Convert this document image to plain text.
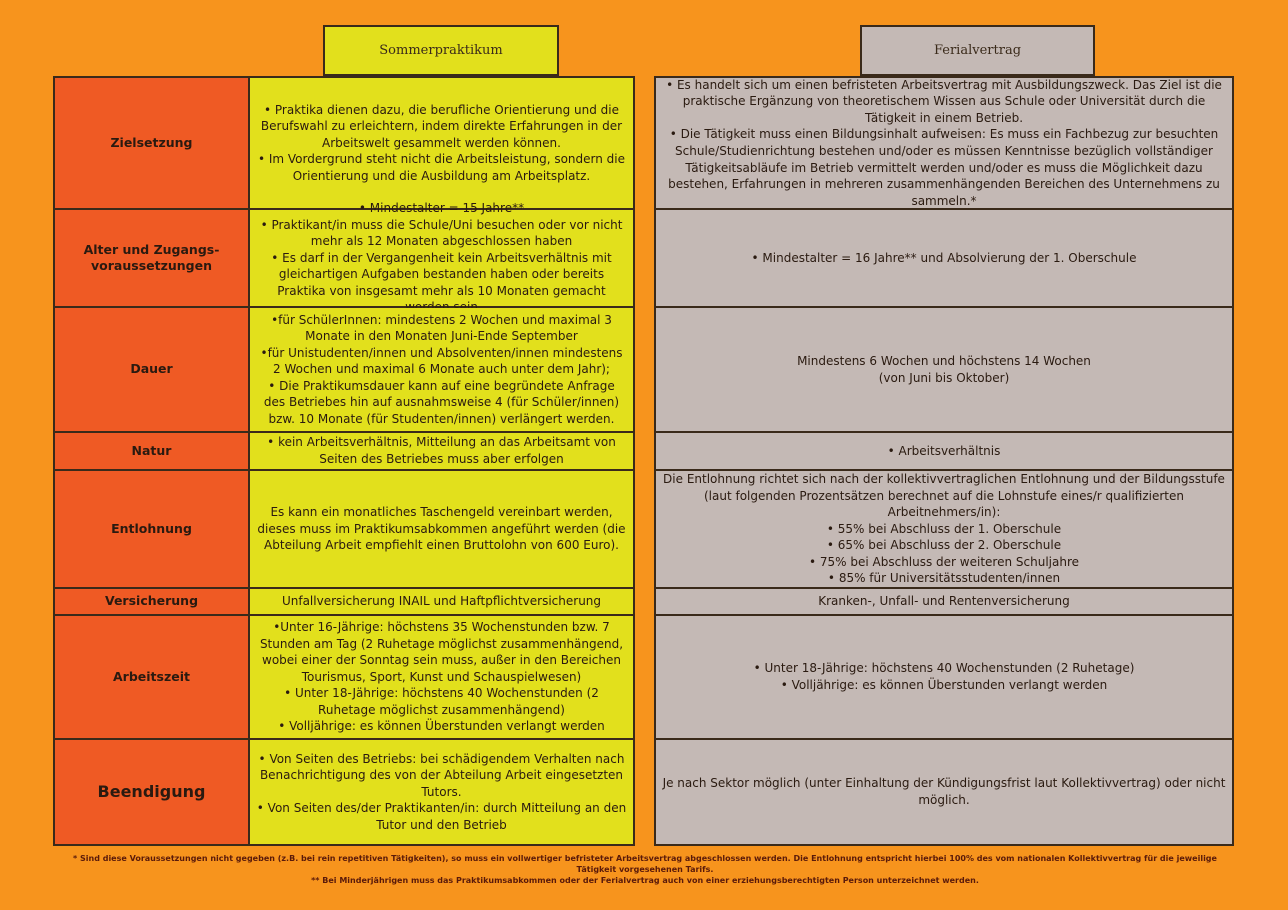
Sommerpraktikum	Ferialvertrag
Zielsetzung

• Praktika dienen dazu, die berufliche Orientierung und die Berufswahl zu erleichtern, indem direkte Erfahrungen in der Arbeitswelt gesammelt werden können.

• Im Vordergrund steht nicht die Arbeitsleistung, sondern die Orientierung und die Ausbildung am Arbeitsplatz.

Alter und Zugangs-voraussetzungen

• Mindestalter = 15 Jahre**

• Praktikant/in muss die Schule/Uni besuchen oder vor nicht mehr als 12 Monaten abgeschlossen haben

• Es darf in der Vergangenheit kein Arbeitsverhältnis mit gleichartigen Aufgaben bestanden haben oder bereits Praktika von insgesamt mehr als 10 Monaten gemacht

Dauer

•für SchülerInnen: mindestens 2 Wochen und maximal 3 Monate in den Monaten Juni-Ende September

•für Unistudenten/innen und Absolventen/innen mindestens 2 Wochen und maximal 6 Monate auch unter dem Jahr);

• Die Praktikumsdauer kann auf eine begründete Anfrage des Betriebes hin auf ausnahmsweise 4 (für Schüler/innen) bzw. 10 Monate (für Studenten/innen) verlängert werden.

Natur

• kein Arbeitsverhältnis, Mitteilung an das Arbeitsamt von Seiten des Betriebes muss aber erfolgen

Entlohnung

Es kann ein monatliches Taschengeld vereinbart werden, dieses muss im Praktikumsabkommen angeführt werden (die Abteilung Arbeit empfiehlt einen Bruttolohn von 600 Euro).

Versicherung	Unfallversicherung INAIL und Haftpflichtversicherung

Arbeitszeit

•Unter 16-Jährige: höchstens 35 Wochenstunden bzw. 7 Stunden am Tag (2 Ruhetage möglichst zusammenhängend, wobei einer der Sonntag sein muss, außer in den Bereichen Tourismus, Sport, Kunst und Schauspielwesen)

• Unter 18-Jährige: höchstens 40 Wochenstunden (2 Ruhetage möglichst zusammenhängend)

• Volljährige: es können Überstunden verlangt werden

Beendigung

• Von Seiten des Betriebs: bei schädigendem Verhalten nach Benachrichtigung des von der Abteilung Arbeit eingesetzten Tutors.

• Von Seiten des/der Praktikanten/in: durch Mitteilung an den Tutor und den Betrieb

• Es handelt sich um einen befristeten Arbeitsvertrag mit Ausbildungszweck. Das Ziel ist die praktische Ergänzung von theoretischem Wissen aus Schule oder Universität durch die Tätigkeit in einem Betrieb.

• Die Tätigkeit muss einen Bildungsinhalt aufweisen: Es muss ein Fachbezug zur besuchten Schule/Studienrichtung bestehen und/oder es müssen Kenntnisse bezüglich vollständiger Tätigkeitsabläufe im Betrieb vermittelt werden und/oder es muss die Möglichkeit dazu bestehen, Erfahrungen in mehreren zusammenhängenden Bereichen des Unternehmens zu sammeln.*

• Mindestalter = 16 Jahre** und Absolvierung der 1. Oberschule

Mindestens 6 Wochen und höchstens 14 Wochen

(von Juni bis Oktober)

• Arbeitsverhältnis

Die Entlohnung richtet sich nach der kollektivvertraglichen Entlohnung und der Bildungsstufe (laut folgenden Prozentsätzen berechnet auf die Lohnstufe eines/r qualifizierten Arbeitnehmers/in):

• 55% bei Abschluss der 1. Oberschule

• 65% bei Abschluss der 2. Oberschule

• 75% bei Abschluss der weiteren Schuljahre

• 85% für Universitätsstudenten/innen

Kranken-, Unfall- und Rentenversicherung

• Unter 18-Jährige: höchstens 40 Wochenstunden (2 Ruhetage)

• Volljährige: es können Überstunden verlangt werden

Je nach Sektor möglich (unter Einhaltung der Kündigungsfrist laut Kollektivvertrag) oder nicht möglich.

* Sind diese Voraussetzungen nicht gegeben (z.B. bei rein repetitiven Tätigkeiten), so muss ein vollwertiger befristeter Arbeitsvertrag abgeschlossen werden. Die Entlohnung entspricht hierbei 100% des vom nationalen Kollektivvertrag für die jeweilige Tätigkeit vorgesehenen Tarifs.

** Bei Minderjährigen muss das Praktikumsabkommen oder der Ferialvertrag auch von einer erziehungsberechtigten Person unterzeichnet werden.
